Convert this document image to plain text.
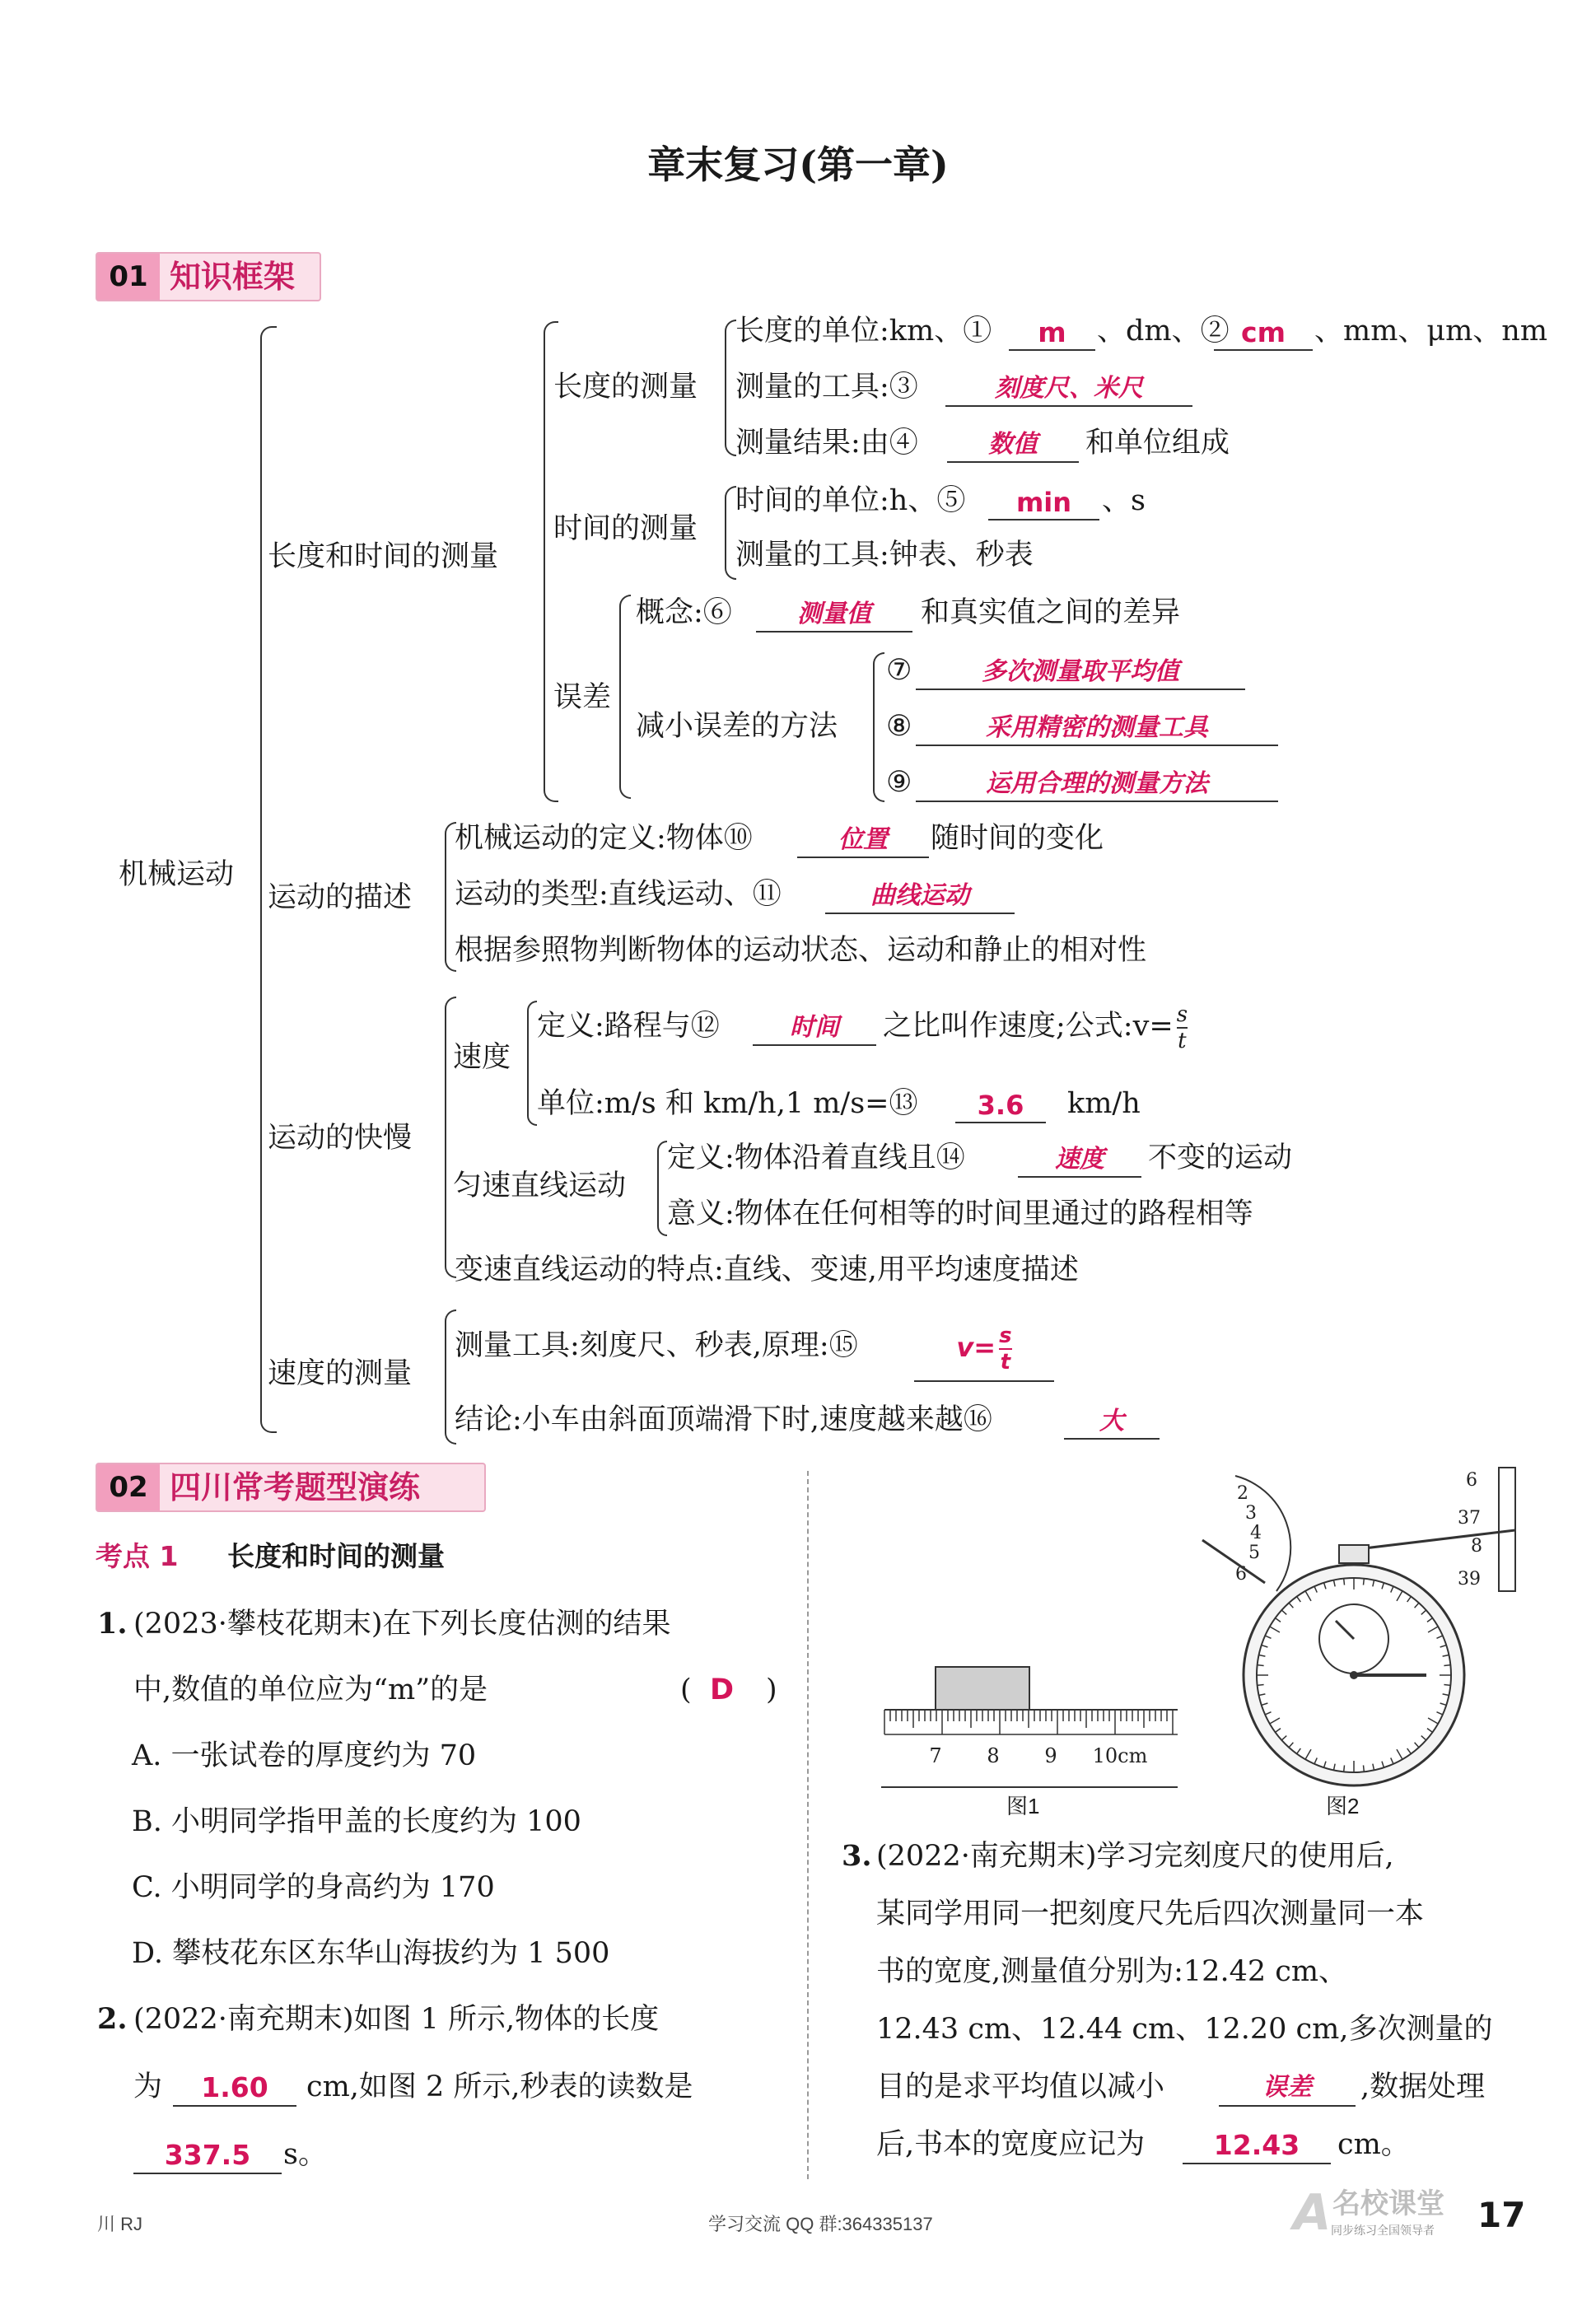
章末复习(第一章)
01 知识框架
机械运动
长度和时间的测量
长度的测量
时间的测量
误差
减小误差的方法
长度的单位:km、①	m	、dm、② cm	、mm、μm、nm
测量的工具:③	刻度尺、米尺
测量结果:由④	数值	和单位组成
时间的单位:h、⑤	min	、s
测量的工具:钟表、秒表
概念:⑥	测量值	和真实值之间的差异
⑦	多次测量取平均值
⑧	采用精密的测量工具
⑨	运用合理的测量方法
运动的描述
机械运动的定义:物体⑩	位置	随时间的变化
运动的类型:直线运动、⑪	曲线运动
根据参照物判断物体的运动状态、运动和静止的相对性
运动的快慢
速度
定义:路程与⑫	时间	之比叫作速度;公式:v= $\frac{s}{t}$
单位:m/s 和 km/h,1 m/s=⑬	3.6	km/h
匀速直线运动
定义:物体沿着直线且⑭	速度	不变的运动
意义:物体在任何相等的时间里通过的路程相等
变速直线运动的特点:直线、变速,用平均速度描述
速度的测量
测量工具:刻度尺、秒表,原理:⑮	$v= \frac{s}{t}$
结论:小车由斜面顶端滑下时,速度越来越⑯	大
02 四川常考题型演练
考点 1 长度和时间的测量
1. (2023·攀枝花期末)在下列长度估测的结果
中,数值的单位应为“m”的是	( D )
A. 一张试卷的厚度约为 70
B. 小明同学指甲盖的长度约为 100
C. 小明同学的身高约为 170
D. 攀枝花东区东华山海拔约为 1 500
2. (2022·南充期末)如图 1 所示,物体的长度
为	1.60	cm,如图 2 所示,秒表的读数是
337.5	s。
7 8 9 10cm
图1
2
3
4
5
6
6
37
8
39
图2
3. (2022·南充期末)学习完刻度尺的使用后,
某同学用同一把刻度尺先后四次测量同一本
书的宽度,测量值分别为:12.42 cm、
12.43 cm、12.44 cm、12.20 cm,多次测量的
目的是求平均值以减小	误差	,数据处理
后,书本的宽度应记为	12.43	cm。
川 RJ	学习交流 QQ 群:364335137	A 名校课堂
同步练习全国领导者 17
